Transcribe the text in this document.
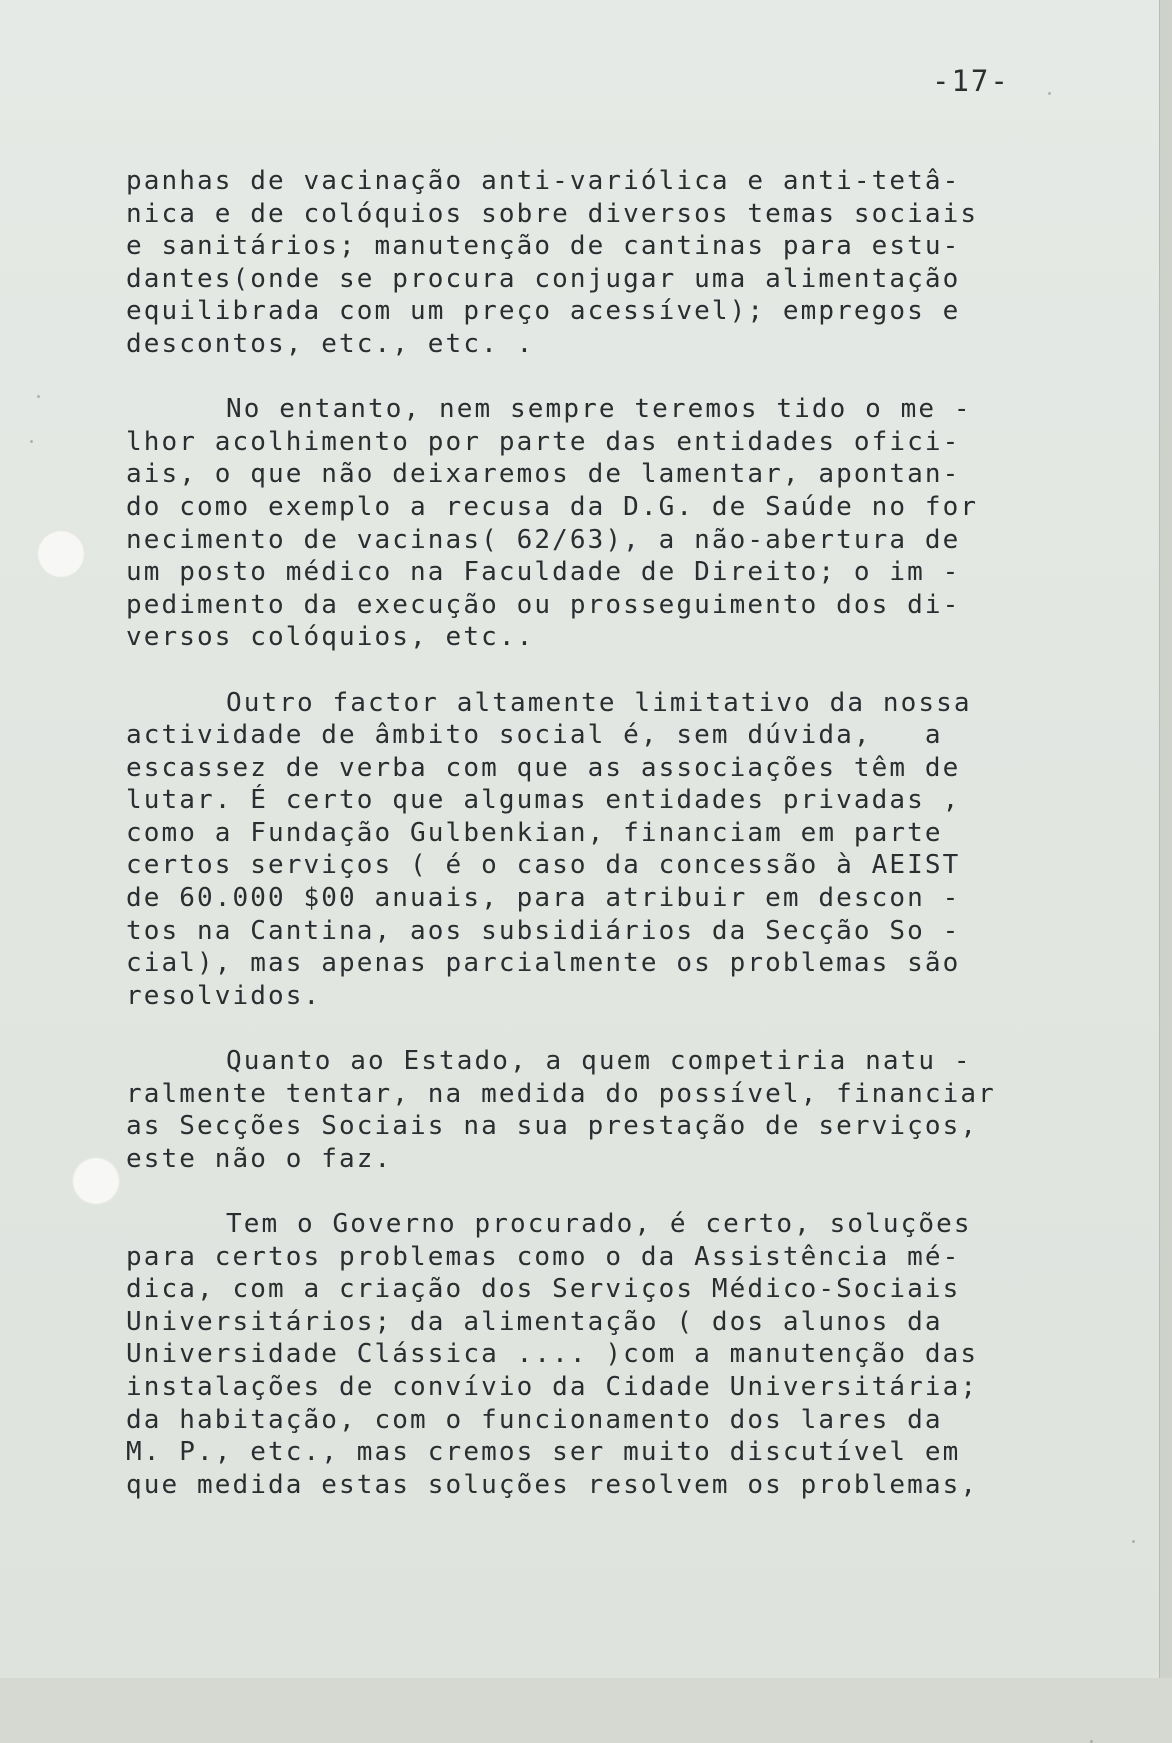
-17-
panhas de vacinação anti-variólica e anti-tetâ-
nica e de colóquios sobre diversos temas sociais
e sanitários; manutenção de cantinas para estu-
dantes(onde se procura conjugar uma alimentação
equilibrada com um preço acessível); empregos e
descontos, etc., etc. .
No entanto, nem sempre teremos tido o me -
lhor acolhimento por parte das entidades ofici-
ais, o que não deixaremos de lamentar, apontan-
do como exemplo a recusa da D.G. de Saúde no for
necimento de vacinas( 62/63), a não-abertura de
um posto médico na Faculdade de Direito; o im -
pedimento da execução ou prosseguimento dos di-
versos colóquios, etc..
Outro factor altamente limitativo da nossa
actividade de âmbito social é, sem dúvida,   a
escassez de verba com que as associações têm de
lutar. É certo que algumas entidades privadas ,
como a Fundação Gulbenkian, financiam em parte
certos serviços ( é o caso da concessão à AEIST
de 60.000 $00 anuais, para atribuir em descon -
tos na Cantina, aos subsidiários da Secção So -
cial), mas apenas parcialmente os problemas são
resolvidos.
Quanto ao Estado, a quem competiria natu -
ralmente tentar, na medida do possível, financiar
as Secções Sociais na sua prestação de serviços,
este não o faz.
Tem o Governo procurado, é certo, soluções
para certos problemas como o da Assistência mé-
dica, com a criação dos Serviços Médico-Sociais
Universitários; da alimentação ( dos alunos da
Universidade Clássica .... )com a manutenção das
instalações de convívio da Cidade Universitária;
da habitação, com o funcionamento dos lares da
M. P., etc., mas cremos ser muito discutível em
que medida estas soluções resolvem os problemas,
